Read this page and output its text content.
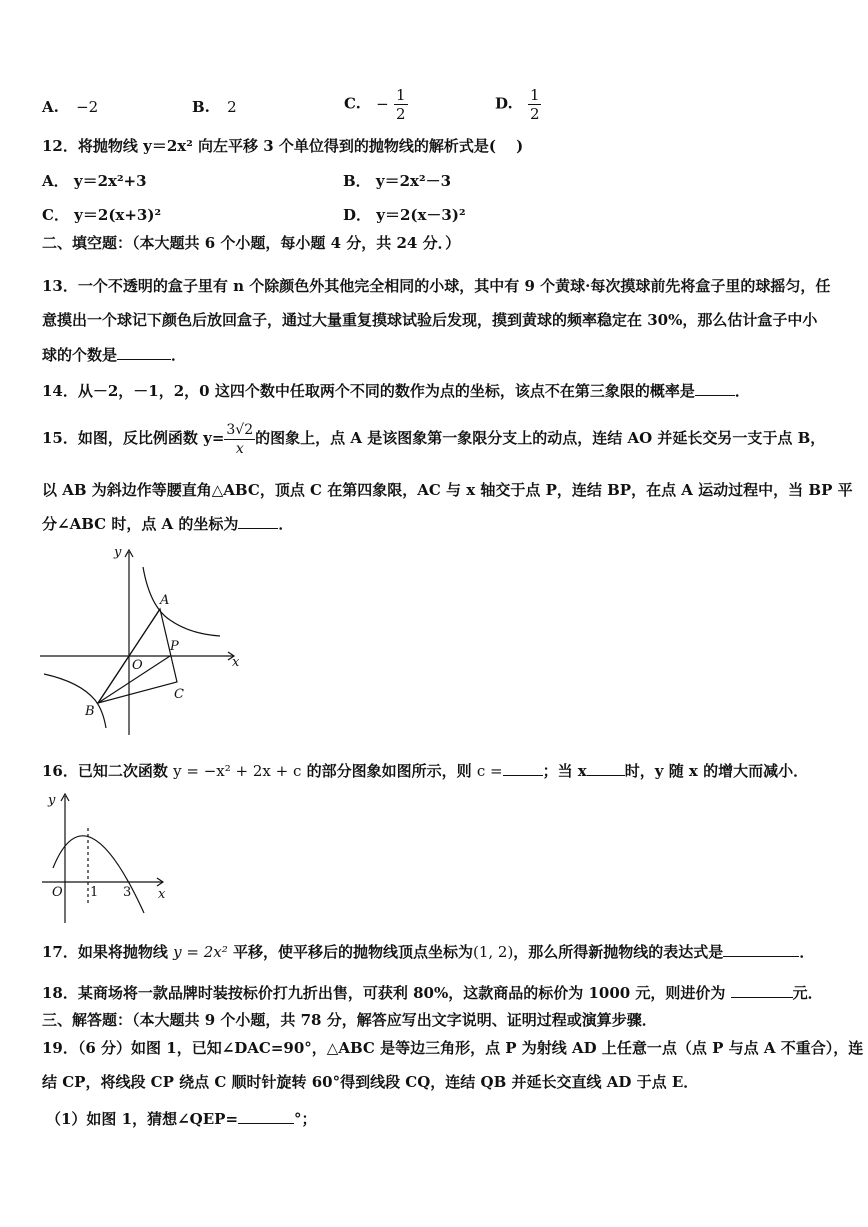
A. −2	B. 2	C. − $\frac{1}{2}$	D. $\frac{1}{2}$
12．将抛物线 y＝2x² 向左平移 3 个单位得到的抛物线的解析式是(　 )
A． y＝2x²+3	B． y＝2x²－3
C． y＝2(x+3)²	D． y＝2(x－3)²
二、填空题：（本大题共 6 个小题，每小题 4 分，共 24 分．）
13．一个不透明的盒子里有 n 个除颜色外其他完全相同的小球，其中有 9 个黄球·每次摸球前先将盒子里的球摇匀，任
意摸出一个球记下颜色后放回盒子，通过大量重复摸球试验后发现，摸到黄球的频率稳定在 30%，那么估计盒子中小
球的个数是	．
14．从－2，－1，2，0 这四个数中任取两个不同的数作为点的坐标，该点不在第三象限的概率是	．
15．如图，反比例函数 $y= \frac{3√2}{x}$ 的图象上，点 A 是该图象第一象限分支上的动点，连结 AO 并延长交另一支于点 B，
以 AB 为斜边作等腰直角△ABC，顶点 C 在第四象限，AC 与 x 轴交于点 P，连结 BP，在点 A 运动过程中，当 BP 平
分∠ABC 时，点 A 的坐标为	．
y
x
O
A
B
C
P
16．已知二次函数 y = −x² + 2x + c 的部分图象如图所示，则 c =	；当 x	时，y 随 x 的增大而减小．
y
x
O 1 3
17．如果将抛物线 y = 2x² 平移，使平移后的抛物线顶点坐标为(1, 2)，那么所得新抛物线的表达式是	．
18．某商场将一款品牌时装按标价打九折出售，可获利 80%，这款商品的标价为 1000 元，则进价为	元．
三、解答题：（本大题共 9 个小题，共 78 分，解答应写出文字说明、证明过程或演算步骤．
19．（6 分）如图 1，已知∠DAC=90°，△ABC 是等边三角形，点 P 为射线 AD 上任意一点（点 P 与点 A 不重合），连
结 CP，将线段 CP 绕点 C 顺时针旋转 60°得到线段 CQ，连结 QB 并延长交直线 AD 于点 E．
（1）如图 1，猜想∠QEP=	°；
